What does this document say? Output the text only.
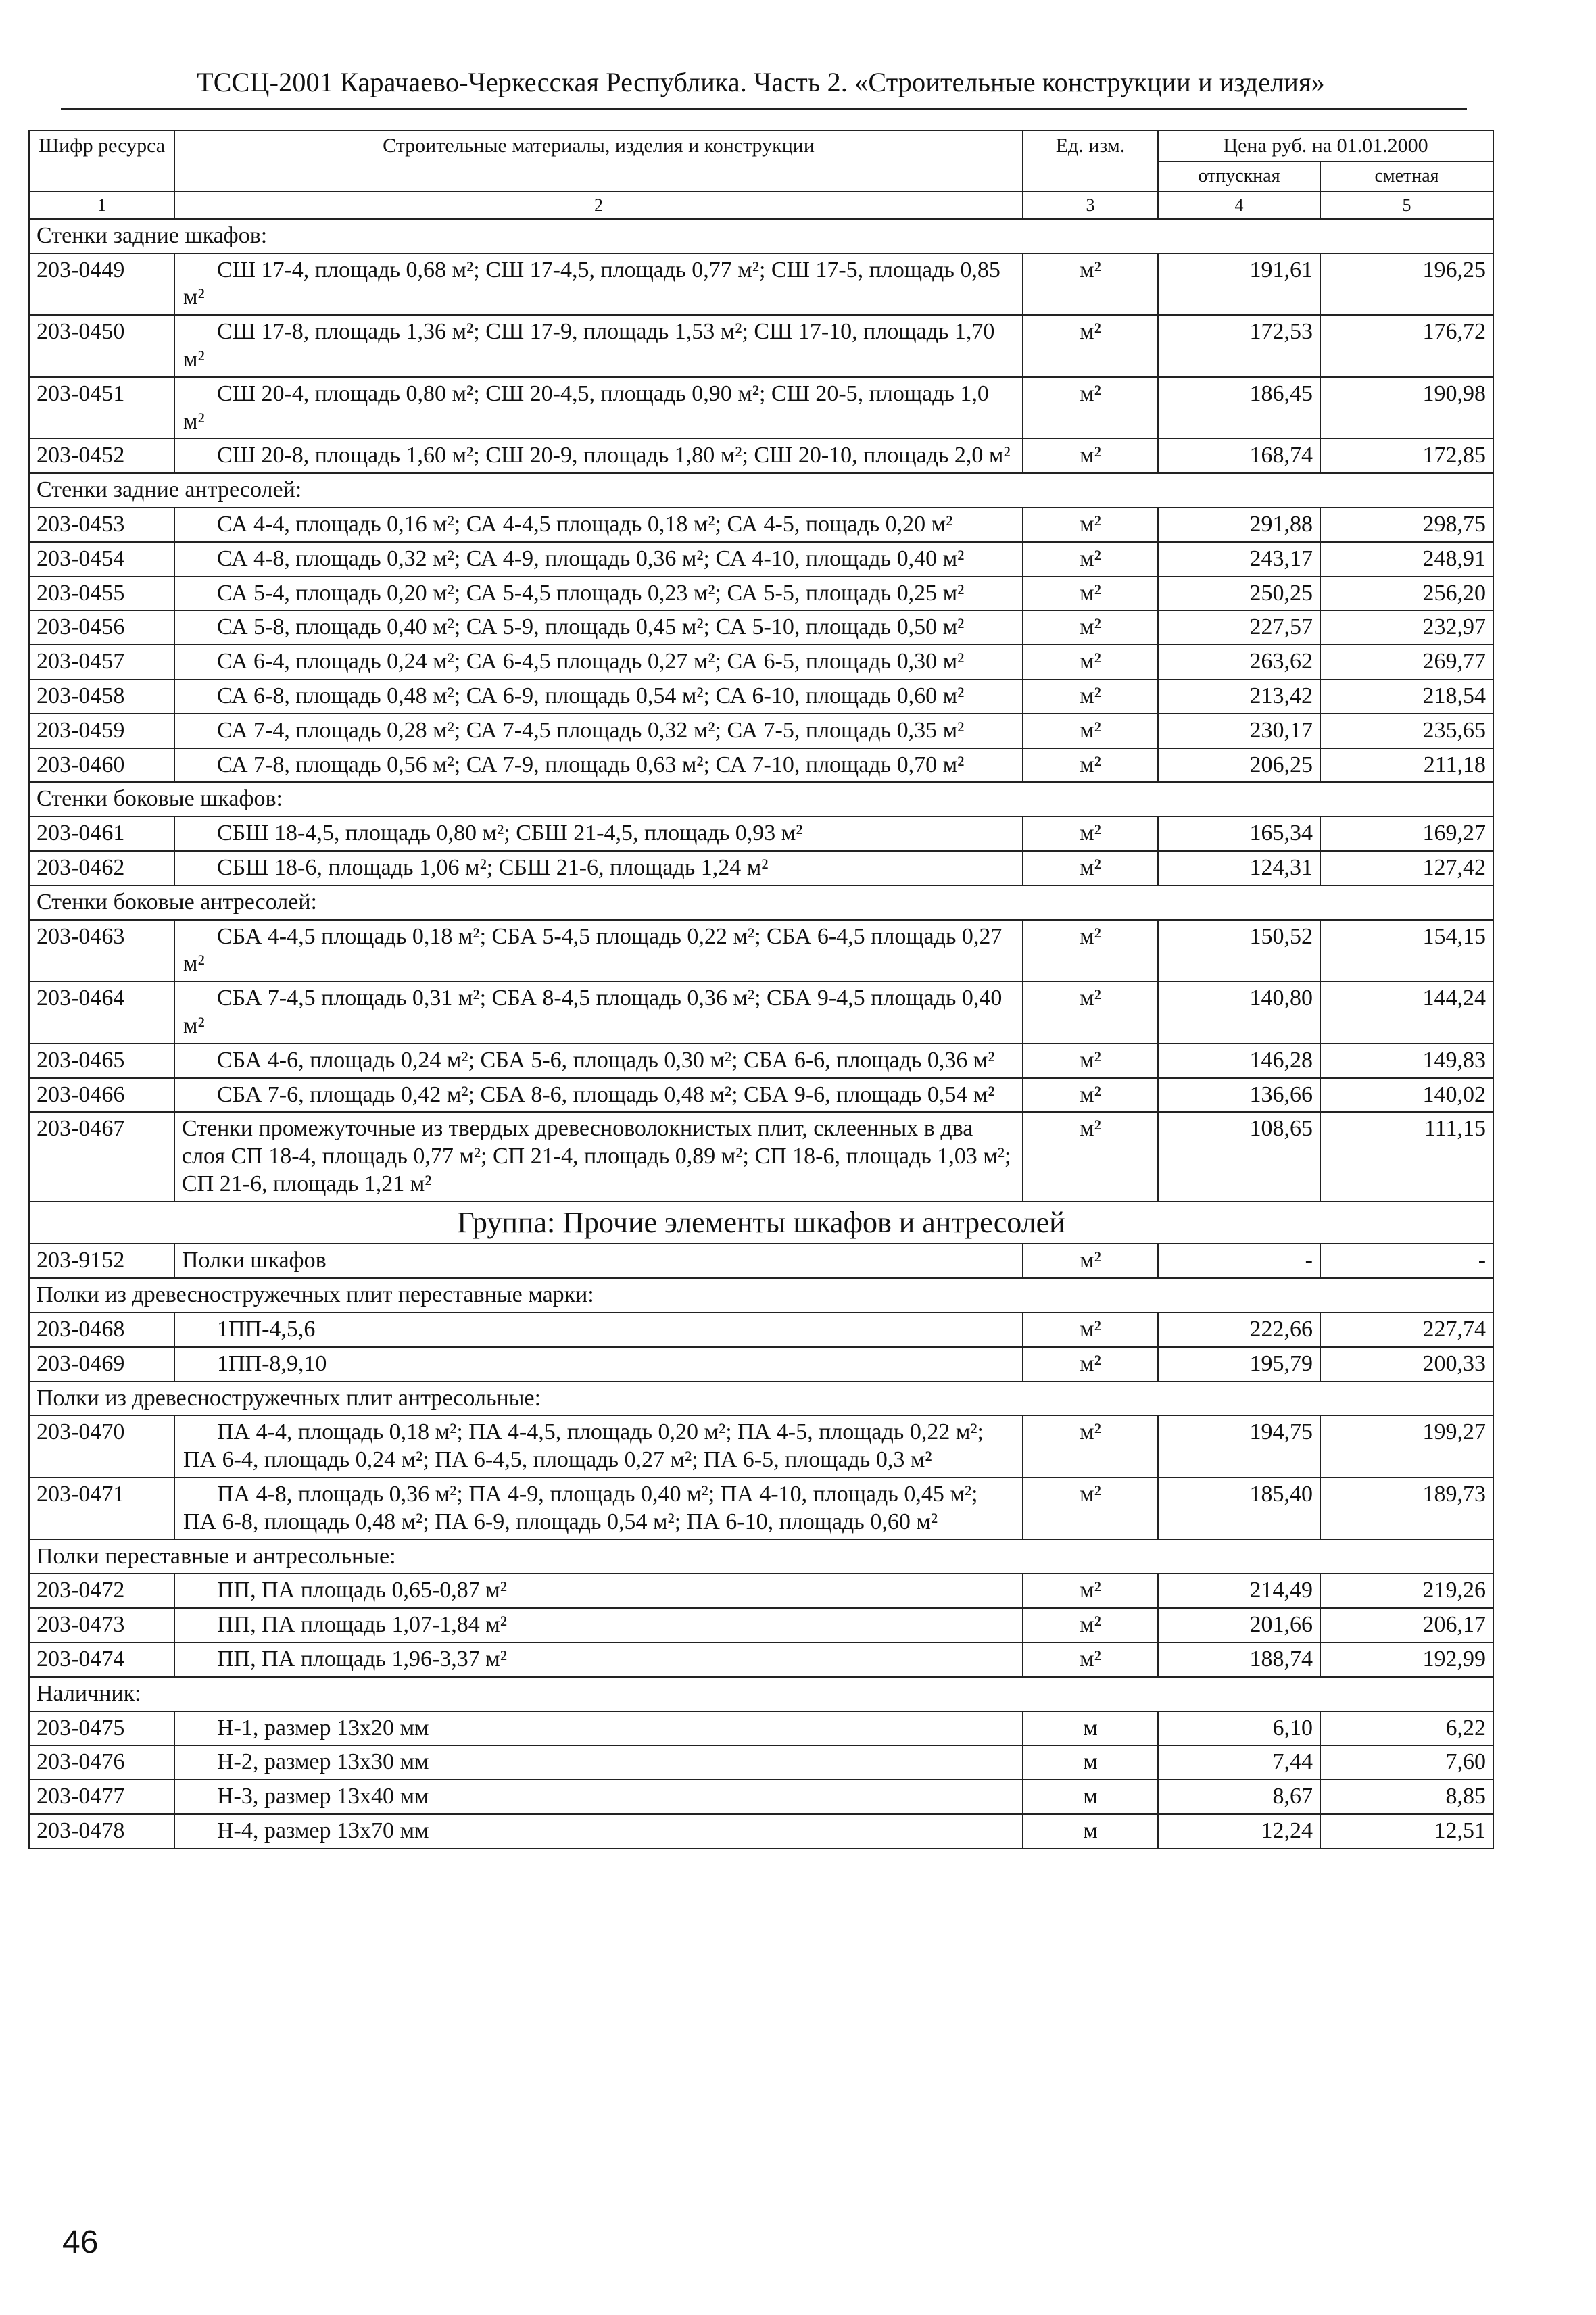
ТССЦ-2001 Карачаево-Черкесская Республика. Часть 2. «Строительные конструкции и изделия»
Шифр ресурса	Строительные материалы, изделия и конструкции	Ед. изм.	Цена руб. на 01.01.2000	
			отпускная	сметная
1	2	3	4	5
Стенки задние шкафов:				
203-0449	СШ 17-4, площадь 0,68 м²; СШ 17-4,5, площадь 0,77 м²; СШ 17-5, площадь 0,85 м²	м²	191,61	196,25
203-0450	СШ 17-8, площадь 1,36 м²; СШ 17-9, площадь 1,53 м²; СШ 17-10, площадь 1,70 м²	м²	172,53	176,72
203-0451	СШ 20-4, площадь 0,80 м²; СШ 20-4,5, площадь 0,90 м²; СШ 20-5, площадь 1,0 м²	м²	186,45	190,98
203-0452	СШ 20-8, площадь 1,60 м²; СШ 20-9, площадь 1,80 м²; СШ 20-10, площадь 2,0 м²	м²	168,74	172,85
Стенки задние антресолей:				
203-0453	СА 4-4, площадь 0,16 м²; СА 4-4,5 площадь 0,18 м²; СА 4-5, пощадь 0,20 м²	м²	291,88	298,75
203-0454	СА 4-8, площадь 0,32 м²; СА 4-9, площадь 0,36 м²; СА 4-10, площадь 0,40 м²	м²	243,17	248,91
203-0455	СА 5-4, площадь 0,20 м²; СА 5-4,5 площадь 0,23 м²; СА 5-5, площадь 0,25 м²	м²	250,25	256,20
203-0456	СА 5-8, площадь 0,40 м²; СА 5-9, площадь 0,45 м²; СА 5-10, площадь 0,50 м²	м²	227,57	232,97
203-0457	СА 6-4, площадь 0,24 м²; СА 6-4,5 площадь 0,27 м²; СА 6-5, площадь 0,30 м²	м²	263,62	269,77
203-0458	СА 6-8, площадь 0,48 м²; СА 6-9, площадь 0,54 м²; СА 6-10, площадь 0,60 м²	м²	213,42	218,54
203-0459	СА 7-4, площадь 0,28 м²; СА 7-4,5 площадь 0,32 м²; СА 7-5, площадь 0,35 м²	м²	230,17	235,65
203-0460	СА 7-8, площадь 0,56 м²; СА 7-9, площадь 0,63 м²; СА 7-10, площадь 0,70 м²	м²	206,25	211,18
Стенки боковые шкафов:				
203-0461	СБШ 18-4,5, площадь 0,80 м²; СБШ 21-4,5, площадь 0,93 м²	м²	165,34	169,27
203-0462	СБШ 18-6, площадь 1,06 м²; СБШ 21-6, площадь 1,24 м²	м²	124,31	127,42
Стенки боковые антресолей:				
203-0463	СБА 4-4,5 площадь 0,18 м²; СБА 5-4,5 площадь 0,22 м²; СБА 6-4,5 площадь 0,27 м²	м²	150,52	154,15
203-0464	СБА 7-4,5 площадь 0,31 м²; СБА 8-4,5 площадь 0,36 м²; СБА 9-4,5 площадь 0,40 м²	м²	140,80	144,24
203-0465	СБА 4-6, площадь 0,24 м²; СБА 5-6, площадь 0,30 м²; СБА 6-6, площадь 0,36 м²	м²	146,28	149,83
203-0466	СБА 7-6, площадь 0,42 м²; СБА 8-6, площадь 0,48 м²; СБА 9-6, площадь 0,54 м²	м²	136,66	140,02
203-0467	Стенки промежуточные из твердых древесноволокнистых плит, склеенных в два слоя СП 18-4, площадь 0,77 м²; СП 21-4, площадь 0,89 м²; СП 18-6, площадь 1,03 м²; СП 21-6, площадь 1,21 м²	м²	108,65	111,15
Группа: Прочие элементы шкафов и антресолей				
203-9152	Полки шкафов	м²	-	-
Полки из древесностружечных плит переставные марки:				
203-0468	1ПП-4,5,6	м²	222,66	227,74
203-0469	1ПП-8,9,10	м²	195,79	200,33
Полки из древесностружечных плит антресольные:				
203-0470	ПА 4-4, площадь 0,18 м²; ПА 4-4,5, площадь 0,20 м²; ПА 4-5, площадь 0,22 м²; ПА 6-4, площадь 0,24 м²; ПА 6-4,5, площадь 0,27 м²; ПА 6-5, площадь 0,3 м²	м²	194,75	199,27
203-0471	ПА 4-8, площадь 0,36 м²; ПА 4-9, площадь 0,40 м²; ПА 4-10, площадь 0,45 м²; ПА 6-8, площадь 0,48 м²; ПА 6-9, площадь 0,54 м²; ПА 6-10, площадь 0,60 м²	м²	185,40	189,73
Полки переставные и антресольные:				
203-0472	ПП, ПА площадь 0,65-0,87 м²	м²	214,49	219,26
203-0473	ПП, ПА площадь 1,07-1,84 м²	м²	201,66	206,17
203-0474	ПП, ПА площадь 1,96-3,37 м²	м²	188,74	192,99
Наличник:				
203-0475	Н-1, размер 13х20 мм	м	6,10	6,22
203-0476	Н-2, размер 13х30 мм	м	7,44	7,60
203-0477	Н-3, размер 13х40 мм	м	8,67	8,85
203-0478	Н-4, размер 13х70 мм	м	12,24	12,51
46
